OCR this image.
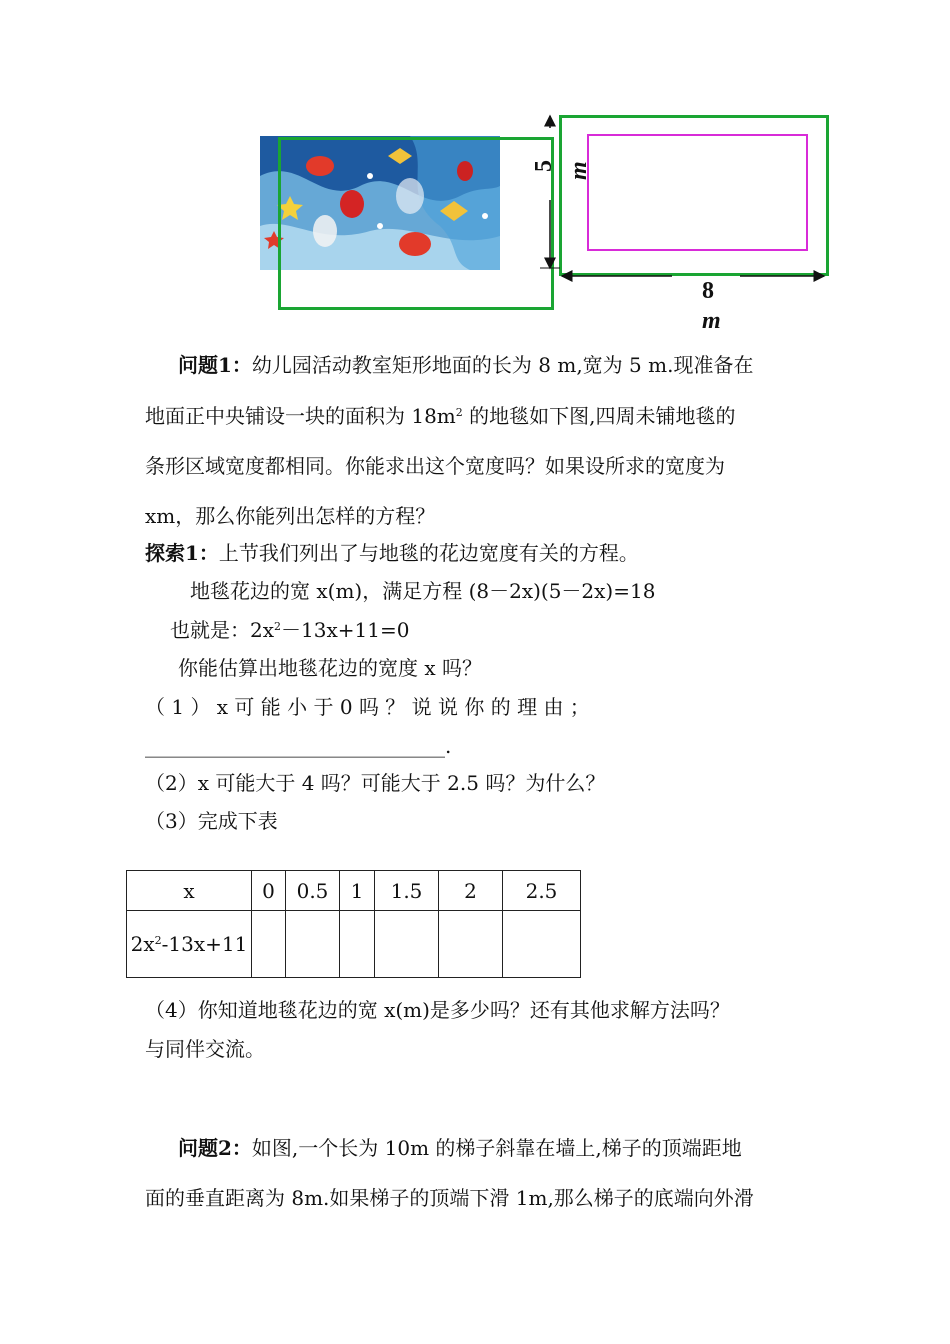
5 m
8
m
问题1：幼儿园活动教室矩形地面的长为 8 m,宽为 5 m.现准备在
地面正中央铺设一块的面积为 $18m^2$ 的地毯如下图,四周未铺地毯的
条形区域宽度都相同。你能求出这个宽度吗？如果设所求的宽度为
xm，那么你能列出怎样的方程？
探索1：上节我们列出了与地毯的花边宽度有关的方程。
地毯花边的宽 x(m)，满足方程 (8－2x)(5－2x)=18
也就是：$2x^2-13x+11=0$
你能估算出地毯花边的宽度 x 吗？
（ 1 ） x 可 能 小 于 0 吗 ？ 说 说 你 的 理 由 ；
______________________________.
（2）x 可能大于 4 吗？可能大于 2.5 吗？为什么？
（3）完成下表
x	0	0.5	1	1.5	2	2.5
$2x^2-13x+11$						
（4）你知道地毯花边的宽 x(m)是多少吗？还有其他求解方法吗？
与同伴交流。
问题2：如图,一个长为 10m 的梯子斜靠在墙上,梯子的顶端距地
面的垂直距离为 8m.如果梯子的顶端下滑 1m,那么梯子的底端向外滑
